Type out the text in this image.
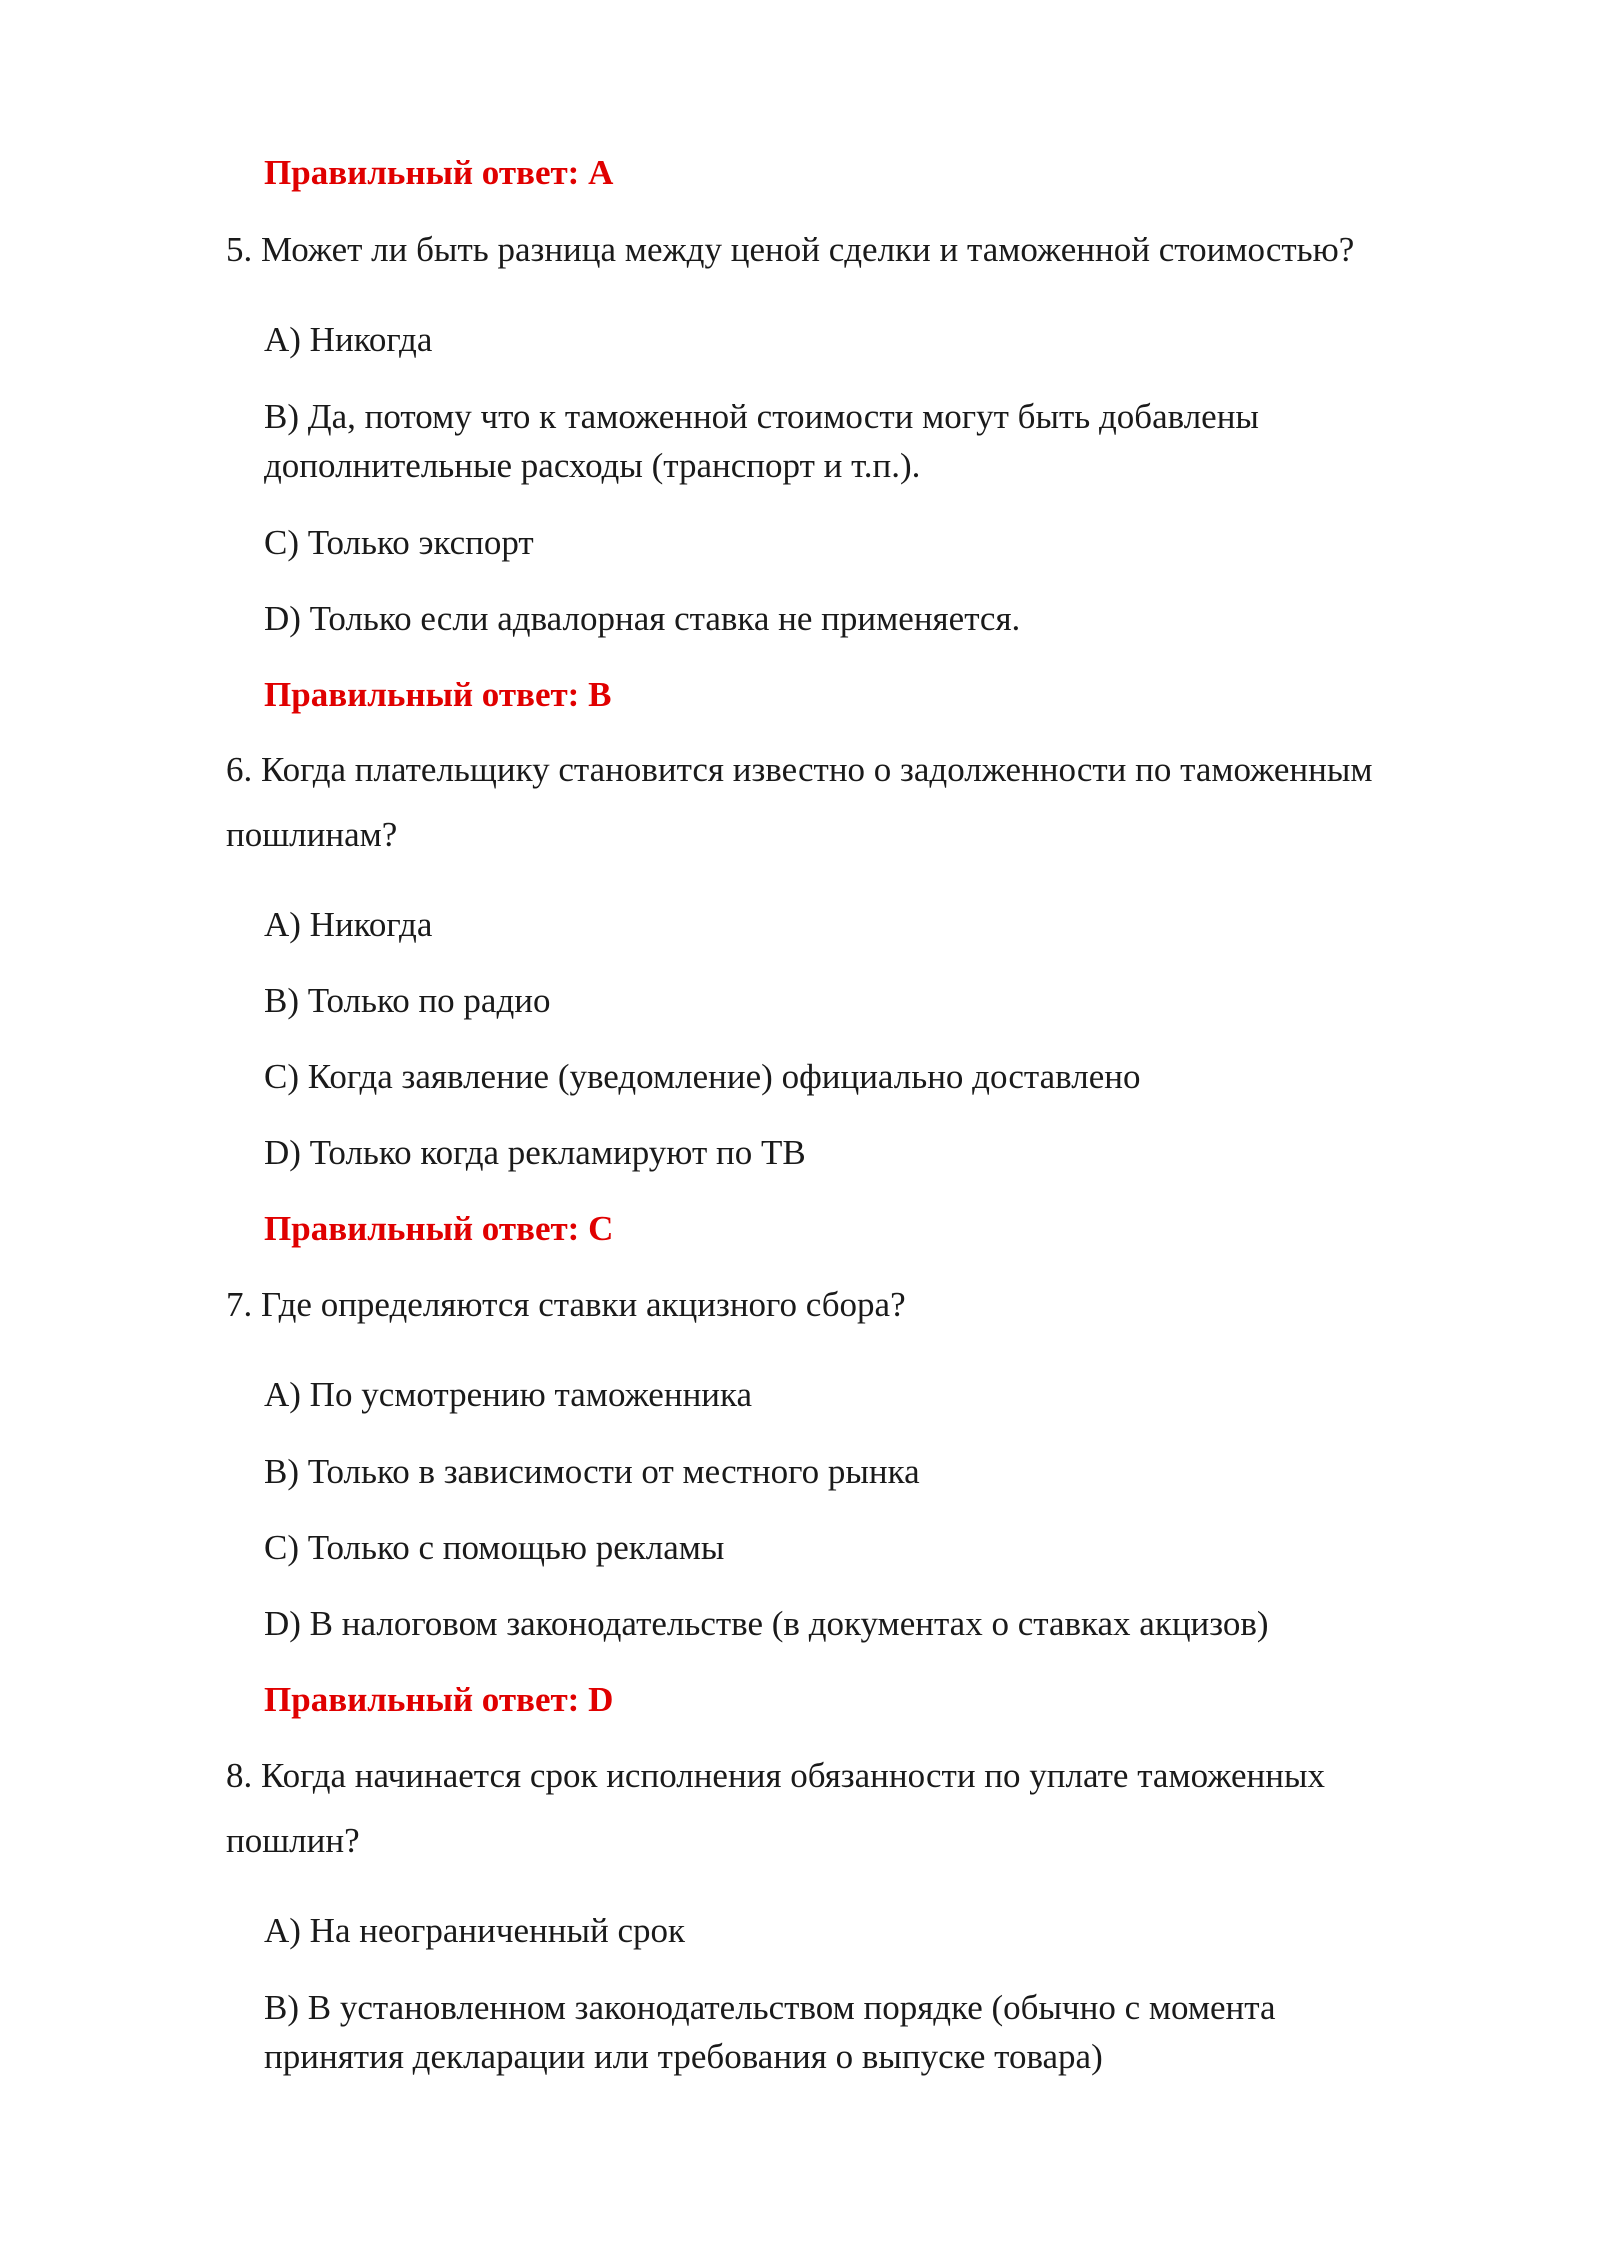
Правильный ответ: A

5. Может ли быть разница между ценой сделки и таможенной стоимостью?

A) Никогда

B) Да, потому что к таможенной стоимости могут быть добавлены

дополнительные расходы (транспорт и т.п.).

C) Только экспорт

D) Только если адвалорная ставка не применяется.

Правильный ответ: B

6. Когда плательщику становится известно о задолженности по таможенным

пошлинам?

A) Никогда

B) Только по радио

C) Когда заявление (уведомление) официально доставлено

D) Только когда рекламируют по ТВ

Правильный ответ: C

7. Где определяются ставки акцизного сбора?

A) По усмотрению таможенника

B) Только в зависимости от местного рынка

C) Только с помощью рекламы

D) В налоговом законодательстве (в документах о ставках акцизов)

Правильный ответ: D

8. Когда начинается срок исполнения обязанности по уплате таможенных

пошлин?

A) На неограниченный срок

B) В установленном законодательством порядке (обычно с момента

принятия декларации или требования о выпуске товара)
